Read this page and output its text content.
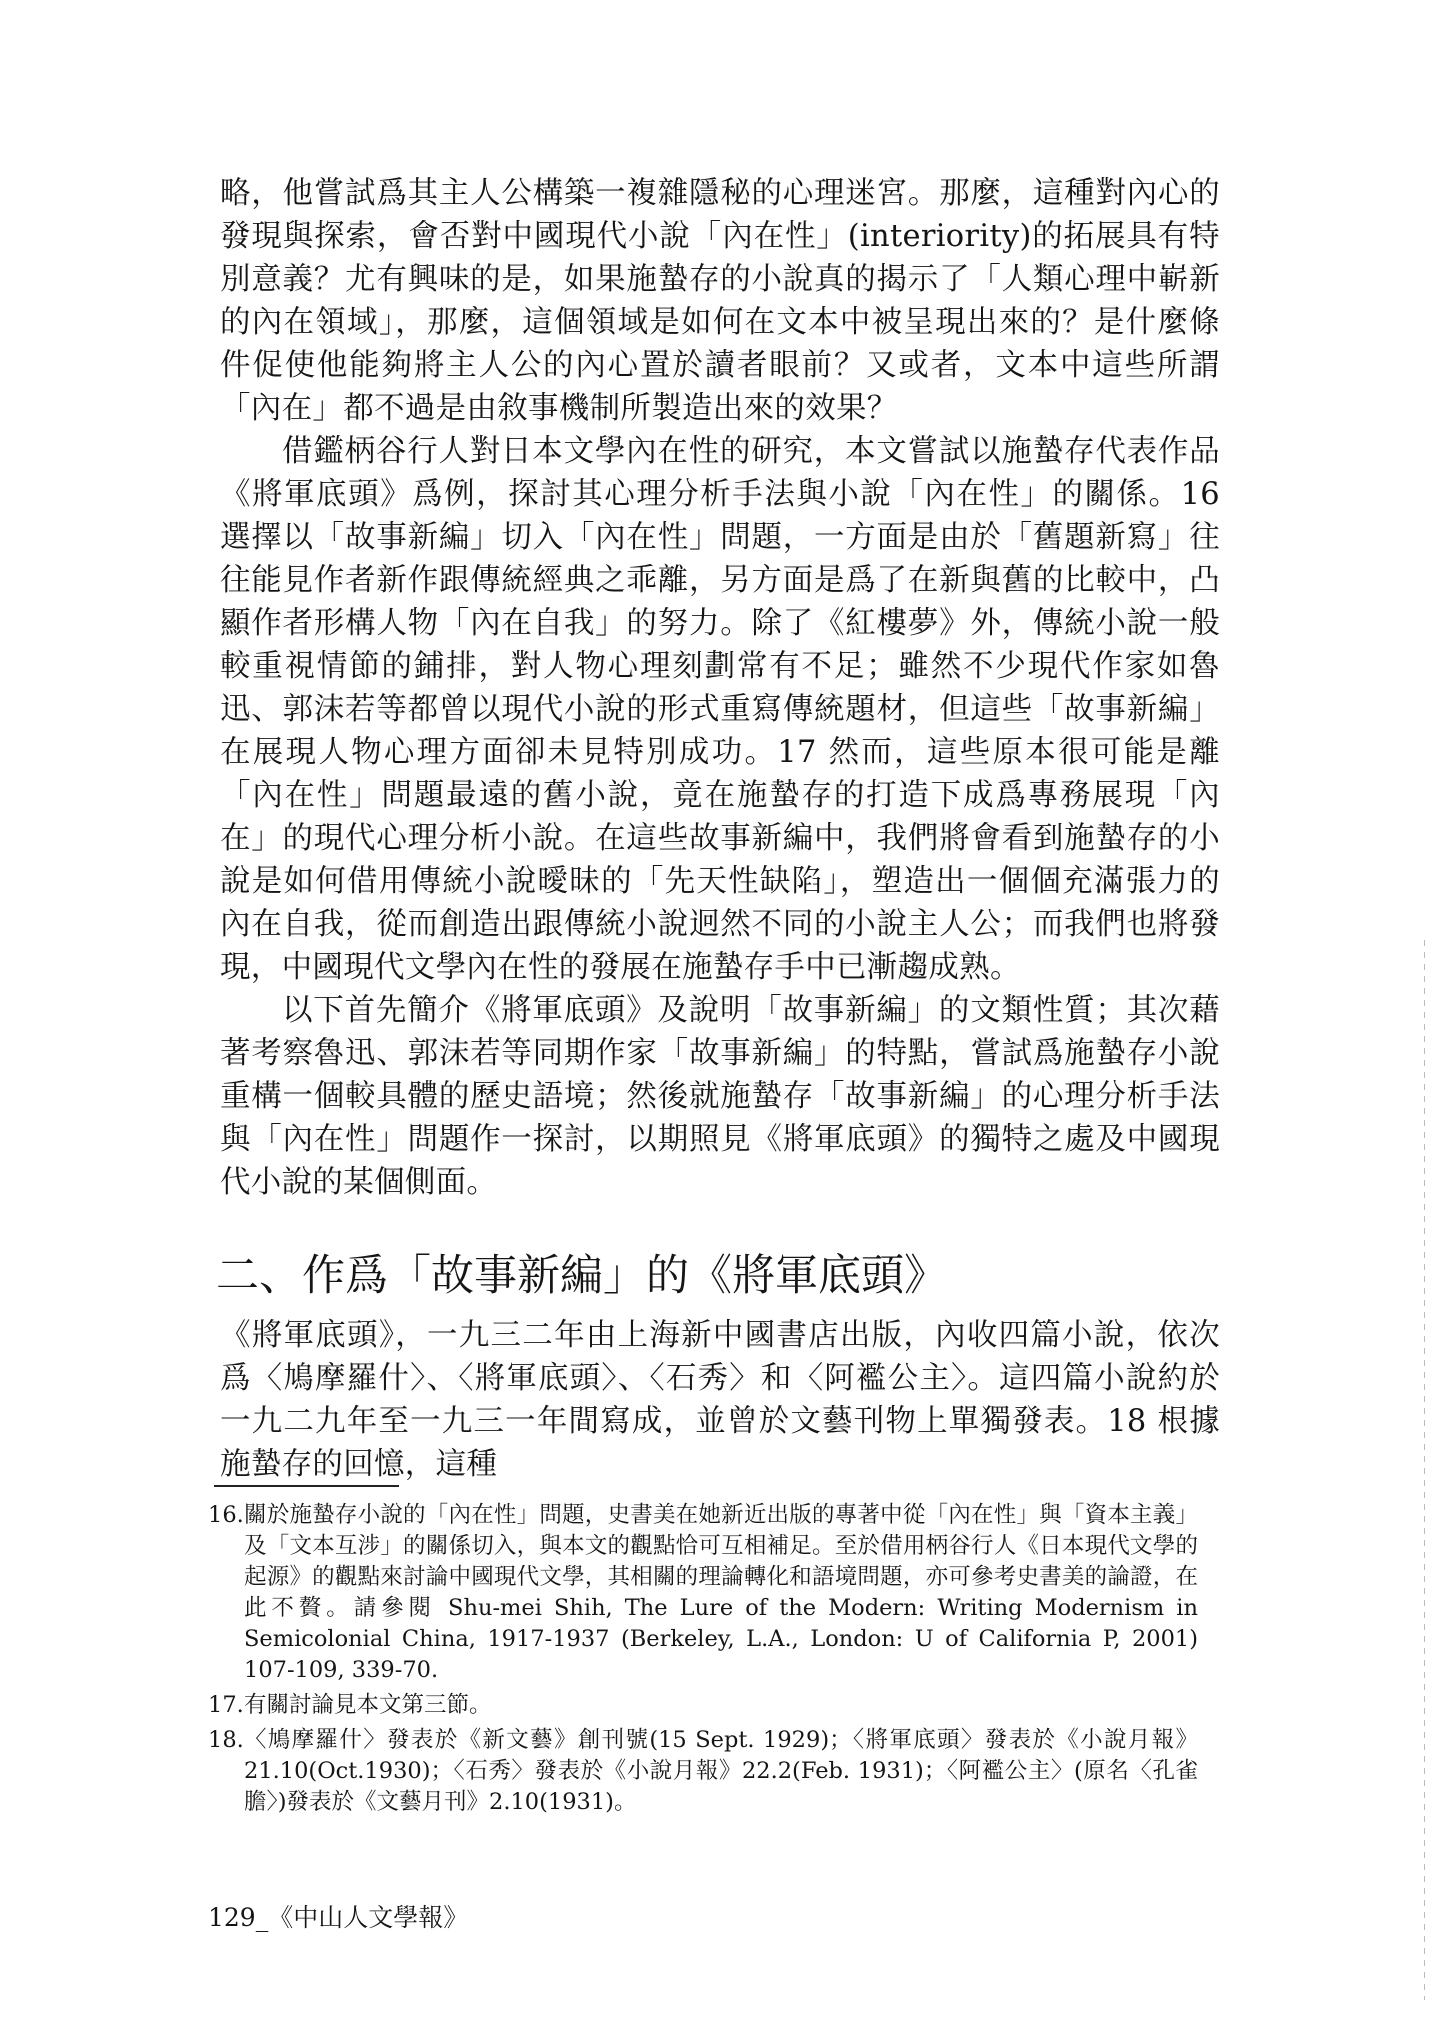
略，他嘗試爲其主人公構築一複雜隱秘的心理迷宮。那麼，這種對內心的發現與探索，會否對中國現代小說「內在性」(interiority)的拓展具有特別意義？尤有興味的是，如果施蟄存的小說真的揭示了「人類心理中嶄新的內在領域」，那麼，這個領域是如何在文本中被呈現出來的？是什麼條件促使他能夠將主人公的內心置於讀者眼前？又或者，文本中這些所謂「內在」都不過是由敘事機制所製造出來的效果？

借鑑柄谷行人對日本文學內在性的研究，本文嘗試以施蟄存代表作品《將軍底頭》爲例，探討其心理分析手法與小說「內在性」的關係。16 選擇以「故事新編」切入「內在性」問題，一方面是由於「舊題新寫」往往能見作者新作跟傳統經典之乖離，另方面是爲了在新與舊的比較中，凸顯作者形構人物「內在自我」的努力。除了《紅樓夢》外，傳統小說一般較重視情節的鋪排，對人物心理刻劃常有不足；雖然不少現代作家如魯迅、郭沫若等都曾以現代小說的形式重寫傳統題材，但這些「故事新編」在展現人物心理方面卻未見特別成功。17 然而，這些原本很可能是離「內在性」問題最遠的舊小說，竟在施蟄存的打造下成爲專務展現「內在」的現代心理分析小說。在這些故事新編中，我們將會看到施蟄存的小說是如何借用傳統小說曖昧的「先天性缺陷」，塑造出一個個充滿張力的內在自我，從而創造出跟傳統小說迥然不同的小說主人公；而我們也將發現，中國現代文學內在性的發展在施蟄存手中已漸趨成熟。

以下首先簡介《將軍底頭》及說明「故事新編」的文類性質；其次藉著考察魯迅、郭沫若等同期作家「故事新編」的特點，嘗試爲施蟄存小說重構一個較具體的歷史語境；然後就施蟄存「故事新編」的心理分析手法與「內在性」問題作一探討，以期照見《將軍底頭》的獨特之處及中國現代小說的某個側面。

二、作爲「故事新編」的《將軍底頭》

《將軍底頭》，一九三二年由上海新中國書店出版，內收四篇小說，依次爲〈鳩摩羅什〉、〈將軍底頭〉、〈石秀〉和〈阿襤公主〉。這四篇小說約於一九二九年至一九三一年間寫成，並曾於文藝刊物上單獨發表。18 根據施蟄存的回憶，這種

16. 關於施蟄存小說的「內在性」問題，史書美在她新近出版的專著中從「內在性」與「資本主義」及「文本互涉」的關係切入，與本文的觀點恰可互相補足。至於借用柄谷行人《日本現代文學的起源》的觀點來討論中國現代文學，其相關的理論轉化和語境問題，亦可參考史書美的論證，在此不贅。請參閱 Shu-mei Shih, The Lure of the Modern: Writing Modernism in Semicolonial China, 1917-1937 (Berkeley, L.A., London: U of California P, 2001) 107-109, 339-70.
17. 有關討論見本文第三節。
18. 〈鳩摩羅什〉發表於《新文藝》創刊號(15 Sept. 1929)；〈將軍底頭〉發表於《小說月報》21.10(Oct.1930)；〈石秀〉發表於《小說月報》22.2(Feb. 1931)；〈阿襤公主〉(原名〈孔雀膽〉)發表於《文藝月刊》2.10(1931)。
129_《中山人文學報》
